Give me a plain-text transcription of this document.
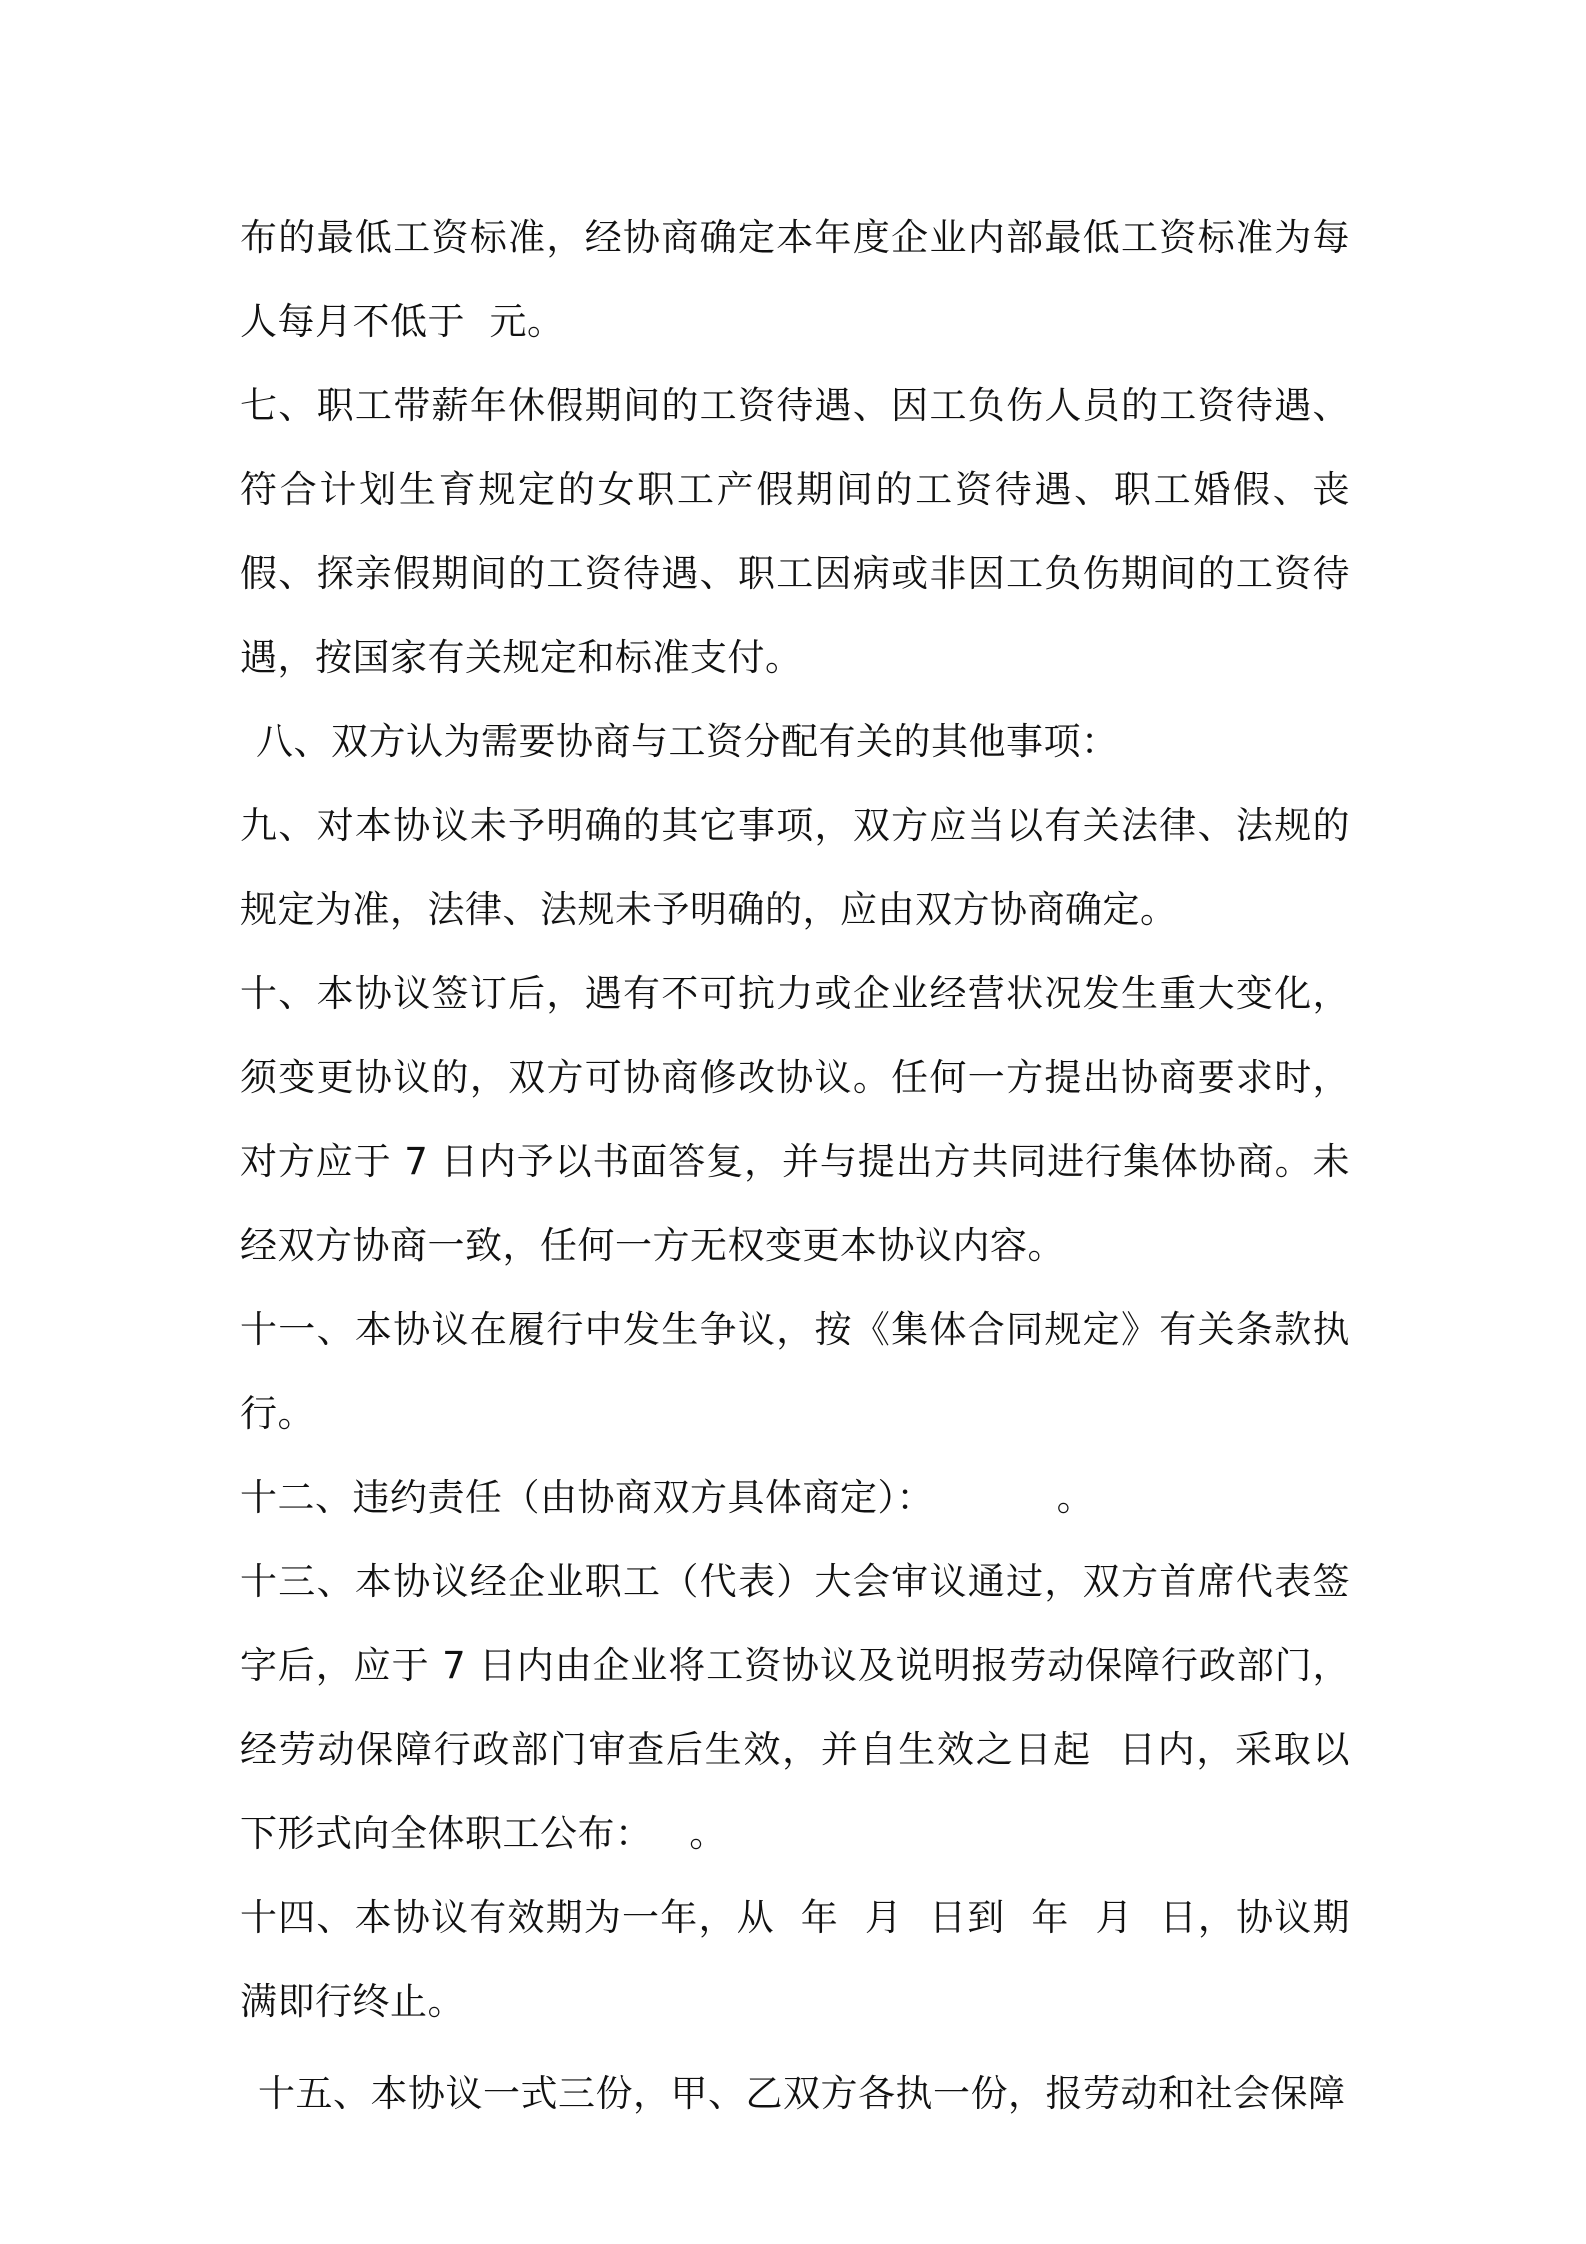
布的最低工资标准，经协商确定本年度企业内部最低工资标准为每人每月不低于  元。

七、职工带薪年休假期间的工资待遇、因工负伤人员的工资待遇、符合计划生育规定的女职工产假期间的工资待遇、职工婚假、丧假、探亲假期间的工资待遇、职工因病或非因工负伤期间的工资待遇，按国家有关规定和标准支付。

八、双方认为需要协商与工资分配有关的其他事项：

九、对本协议未予明确的其它事项，双方应当以有关法律、法规的规定为准，法律、法规未予明确的，应由双方协商确定。

十、本协议签订后，遇有不可抗力或企业经营状况发生重大变化，须变更协议的，双方可协商修改协议。任何一方提出协商要求时，对方应于 7 日内予以书面答复，并与提出方共同进行集体协商。未经双方协商一致，任何一方无权变更本协议内容。

十一、本协议在履行中发生争议，按《集体合同规定》有关条款执行。

十二、违约责任（由协商双方具体商定）：          。

十三、本协议经企业职工（代表）大会审议通过，双方首席代表签字后，应于 7 日内由企业将工资协议及说明报劳动保障行政部门，经劳动保障行政部门审查后生效，并自生效之日起  日内，采取以下形式向全体职工公布：   。

十四、本协议有效期为一年，从  年  月  日到  年  月  日，协议期满即行终止。

十五、本协议一式三份，甲、乙双方各执一份，报劳动和社会保障
